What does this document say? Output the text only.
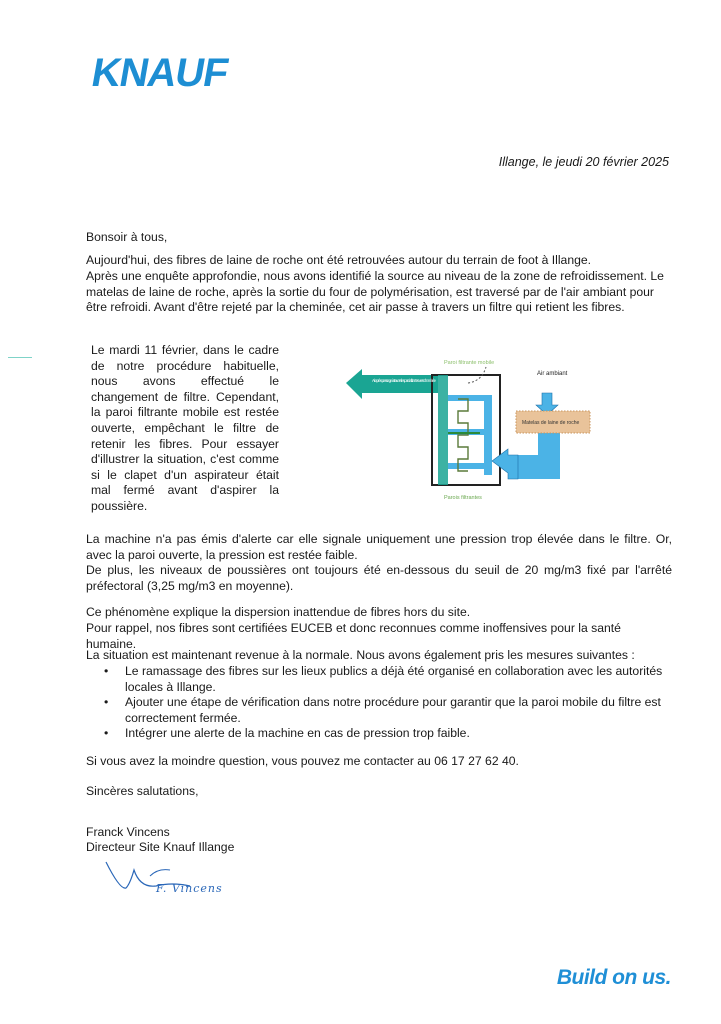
KNAUF
Illange, le jeudi 20 février 2025

Bonsoir à tous,

Aujourd'hui, des fibres de laine de roche ont été retrouvées autour du terrain de foot à Illange.

Après une enquête approfondie, nous avons identifié la source au niveau de la zone de refroidissement. Le matelas de laine de roche, après la sortie du four de polymérisation, est traversé par de l'air ambiant pour être refroidi. Avant d'être rejeté par la cheminée, cet air passe à travers un filtre qui retient les fibres.

Le mardi 11 février, dans le cadre de notre procédure habituelle, nous avons effectué le changement de filtre. Cependant, la paroi filtrante mobile est restée ouverte, empêchant le filtre de retenir les fibres. Pour essayer d'illustrer la situation, c'est comme si le clapet d'un aspirateur était mal fermé avant d'aspirer la poussière.

Paroi filtrante mobile
Air après passage à travers les parois filtrantes vers cheminée
Air ambiant
Matelas de laine de roche
Parois filtrantes

La machine n'a pas émis d'alerte car elle signale uniquement une pression trop élevée dans le filtre. Or, avec la paroi ouverte, la pression est restée faible.

De plus, les niveaux de poussières ont toujours été en-dessous du seuil de 20 mg/m3 fixé par l'arrêté préfectoral (3,25 mg/m3 en moyenne).

Ce phénomène explique la dispersion inattendue de fibres hors du site.

Pour rappel, nos fibres sont certifiées EUCEB et donc reconnues comme inoffensives pour la santé humaine.

La situation est maintenant revenue à la normale. Nous avons également pris les mesures suivantes :

• Le ramassage des fibres sur les lieux publics a déjà été organisé en collaboration avec les autorités locales à Illange.
• Ajouter une étape de vérification dans notre procédure pour garantir que la paroi mobile du filtre est correctement fermée.
• Intégrer une alerte de la machine en cas de pression trop faible.

Si vous avez la moindre question, vous pouvez me contacter au 06 17 27 62 40.

Sincères salutations,

Franck Vincens

Directeur Site Knauf Illange

F. Vincens
Build on us.
